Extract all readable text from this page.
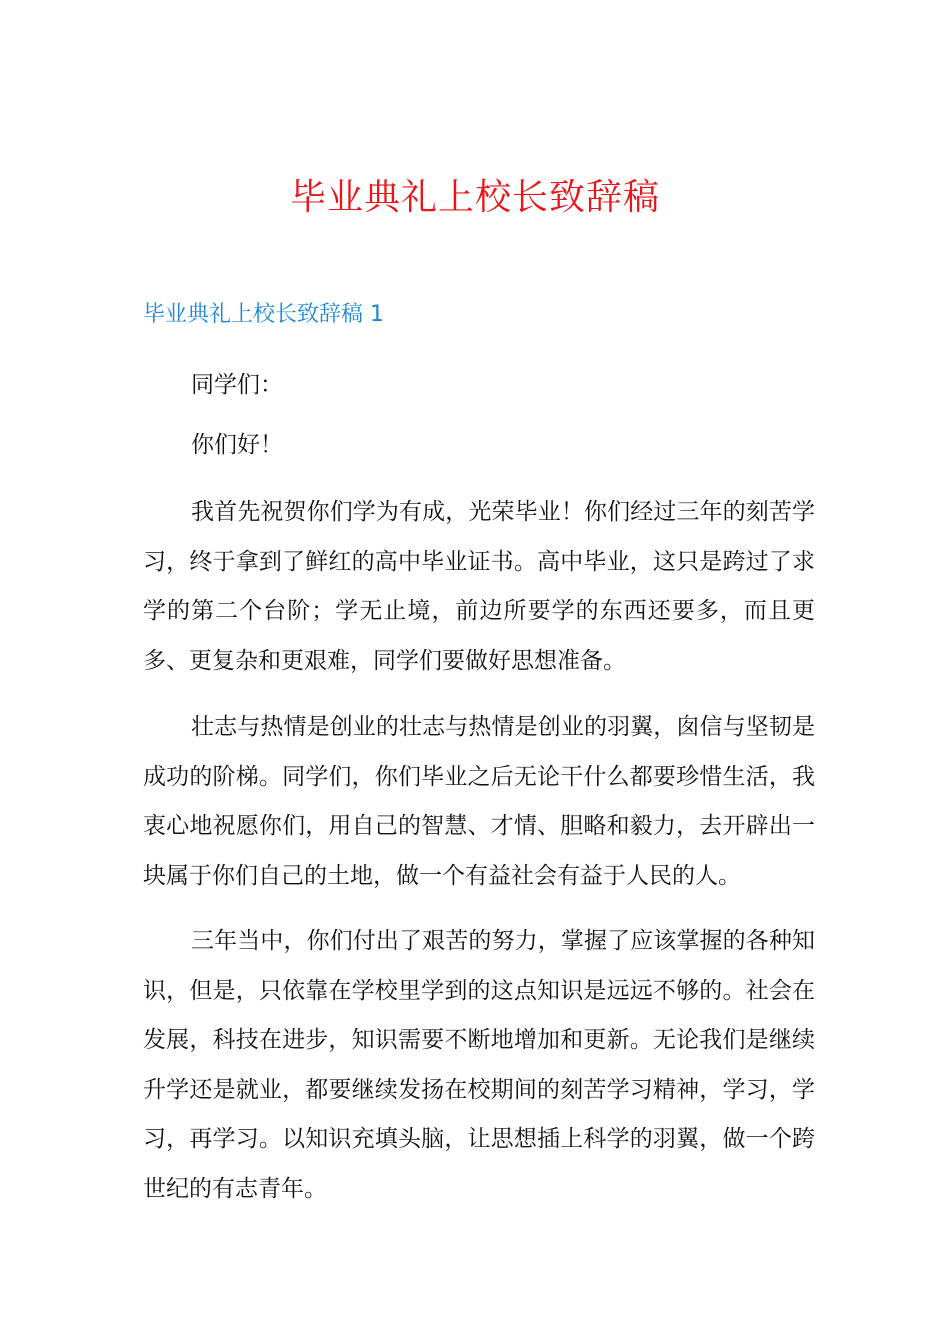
毕业典礼上校长致辞稿
毕业典礼上校长致辞稿 1

同学们：

你们好！

我首先祝贺你们学为有成，光荣毕业！你们经过三年的刻苦学习，终于拿到了鲜红的高中毕业证书。高中毕业，这只是跨过了求学的第二个台阶；学无止境，前边所要学的东西还要多，而且更多、更复杂和更艰难，同学们要做好思想准备。

壮志与热情是创业的壮志与热情是创业的羽翼，囱信与坚韧是成功的阶梯。同学们，你们毕业之后无论干什么都要珍惜生活，我衷心地祝愿你们，用自己的智慧、才情、胆略和毅力，去开辟出一块属于你们自己的土地，做一个有益社会有益于人民的人。

三年当中，你们付出了艰苦的努力，掌握了应该掌握的各种知识，但是，只依靠在学校里学到的这点知识是远远不够的。社会在发展，科技在进步，知识需要不断地增加和更新。无论我们是继续升学还是就业，都要继续发扬在校期间的刻苦学习精神，学习，学习，再学习。以知识充填头脑，让思想插上科学的羽翼，做一个跨世纪的有志青年。
